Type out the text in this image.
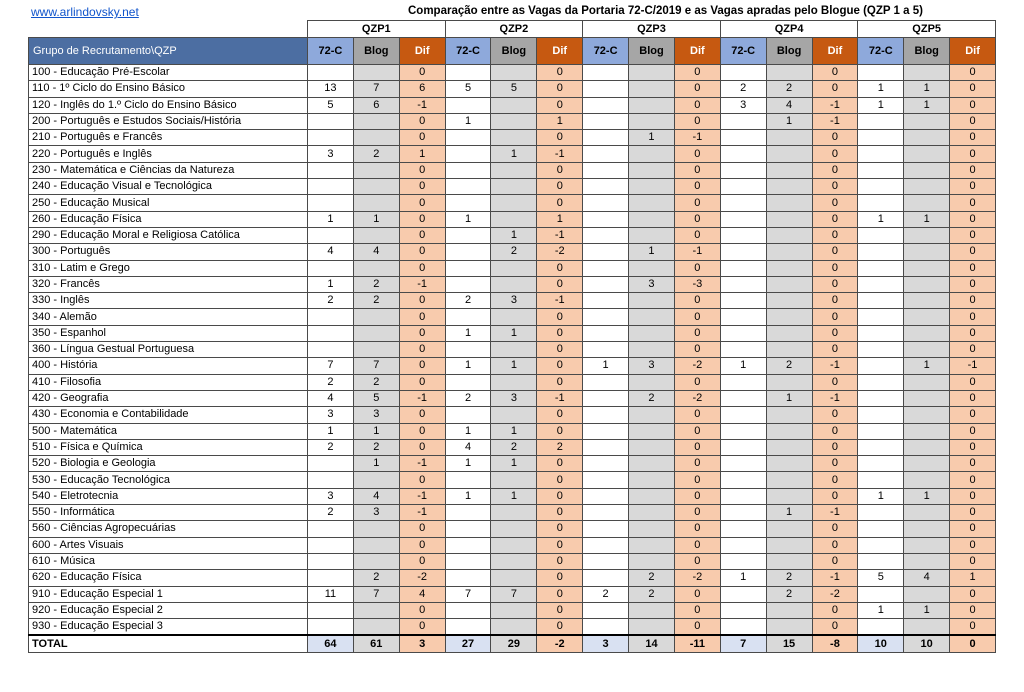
www.arlindovsky.net	Comparação entre as Vagas da Portaria 72-C/2019 e as Vagas apradas pelo Blogue (QZP 1 a 5)
	QZP1			QZP2			QZP3			QZP4			QZP5		
Grupo de Recrutamento\QZP	72-C	Blog	Dif	72-C	Blog	Dif	72-C	Blog	Dif	72-C	Blog	Dif	72-C	Blog	Dif
100 - Educação Pré-Escolar			0			0			0			0			0
110 - 1º Ciclo do Ensino Básico	13	7	6	5	5	0			0	2	2	0	1	1	0
120 - Inglês do 1.º Ciclo do Ensino Básico	5	6	-1			0			0	3	4	-1	1	1	0
200 - Português e Estudos Sociais/História			0	1		1			0		1	-1			0
210 - Português e Francês			0			0		1	-1			0			0
220 - Português e Inglês	3	2	1		1	-1			0			0			0
230 - Matemática e Ciências da Natureza			0			0			0			0			0
240 - Educação Visual e Tecnológica			0			0			0			0			0
250 - Educação Musical			0			0			0			0			0
260 - Educação Física	1	1	0	1		1			0			0	1	1	0
290 - Educação Moral e Religiosa Católica			0		1	-1			0			0			0
300 - Português	4	4	0		2	-2		1	-1			0			0
310 - Latim e Grego			0			0			0			0			0
320 - Francês	1	2	-1			0		3	-3			0			0
330 - Inglês	2	2	0	2	3	-1			0			0			0
340 - Alemão			0			0			0			0			0
350 - Espanhol			0	1	1	0			0			0			0
360 - Língua Gestual Portuguesa			0			0			0			0			0
400 - História	7	7	0	1	1	0	1	3	-2	1	2	-1		1	-1
410 - Filosofia	2	2	0			0			0			0			0
420 - Geografia	4	5	-1	2	3	-1		2	-2		1	-1			0
430 - Economia e Contabilidade	3	3	0			0			0			0			0
500 - Matemática	1	1	0	1	1	0			0			0			0
510 - Física e Química	2	2	0	4	2	2			0			0			0
520 - Biologia e Geologia		1	-1	1	1	0			0			0			0
530 - Educação Tecnológica			0			0			0			0			0
540 - Eletrotecnia	3	4	-1	1	1	0			0			0	1	1	0
550 - Informática	2	3	-1			0			0		1	-1			0
560 - Ciências Agropecuárias			0			0			0			0			0
600 - Artes Visuais			0			0			0			0			0
610 - Música			0			0			0			0			0
620 - Educação Física		2	-2			0		2	-2	1	2	-1	5	4	1
910 - Educação Especial 1	11	7	4	7	7	0	2	2	0		2	-2			0
920 - Educação Especial 2			0			0			0			0	1	1	0
930 - Educação Especial 3			0			0			0			0			0
TOTAL	64	61	3	27	29	-2	3	14	-11	7	15	-8	10	10	0
